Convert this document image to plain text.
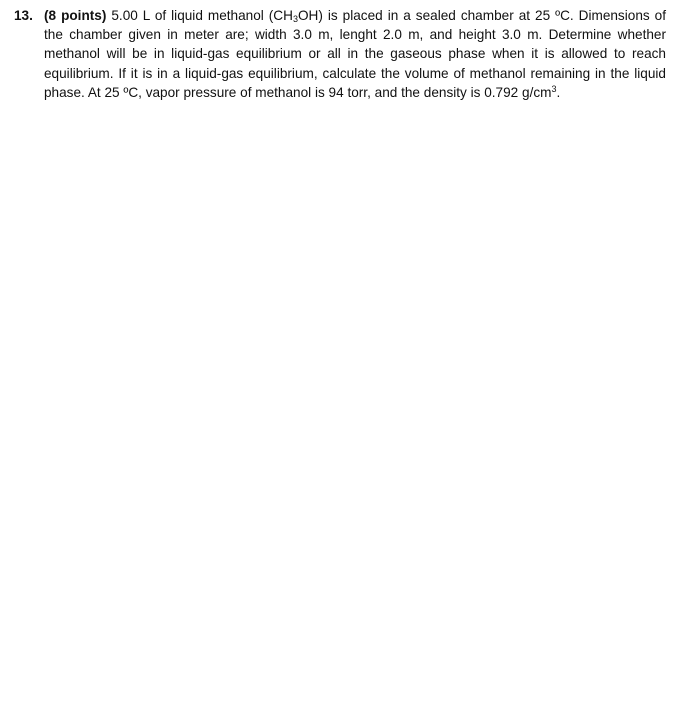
13. (8 points) 5.00 L of liquid methanol $(CH_3OH)$ is placed in a sealed chamber at 25 ºC. Dimensions of the chamber given in meter are; width 3.0 m, lenght 2.0 m, and height 3.0 m. Determine whether methanol will be in liquid-gas equilibrium or all in the gaseous phase when it is allowed to reach equilibrium. If it is in a liquid-gas equilibrium, calculate the volume of methanol remaining in the liquid phase. At 25 ºC, vapor pressure of methanol is 94 torr, and the density is 0.792 $g/cm^3$.
